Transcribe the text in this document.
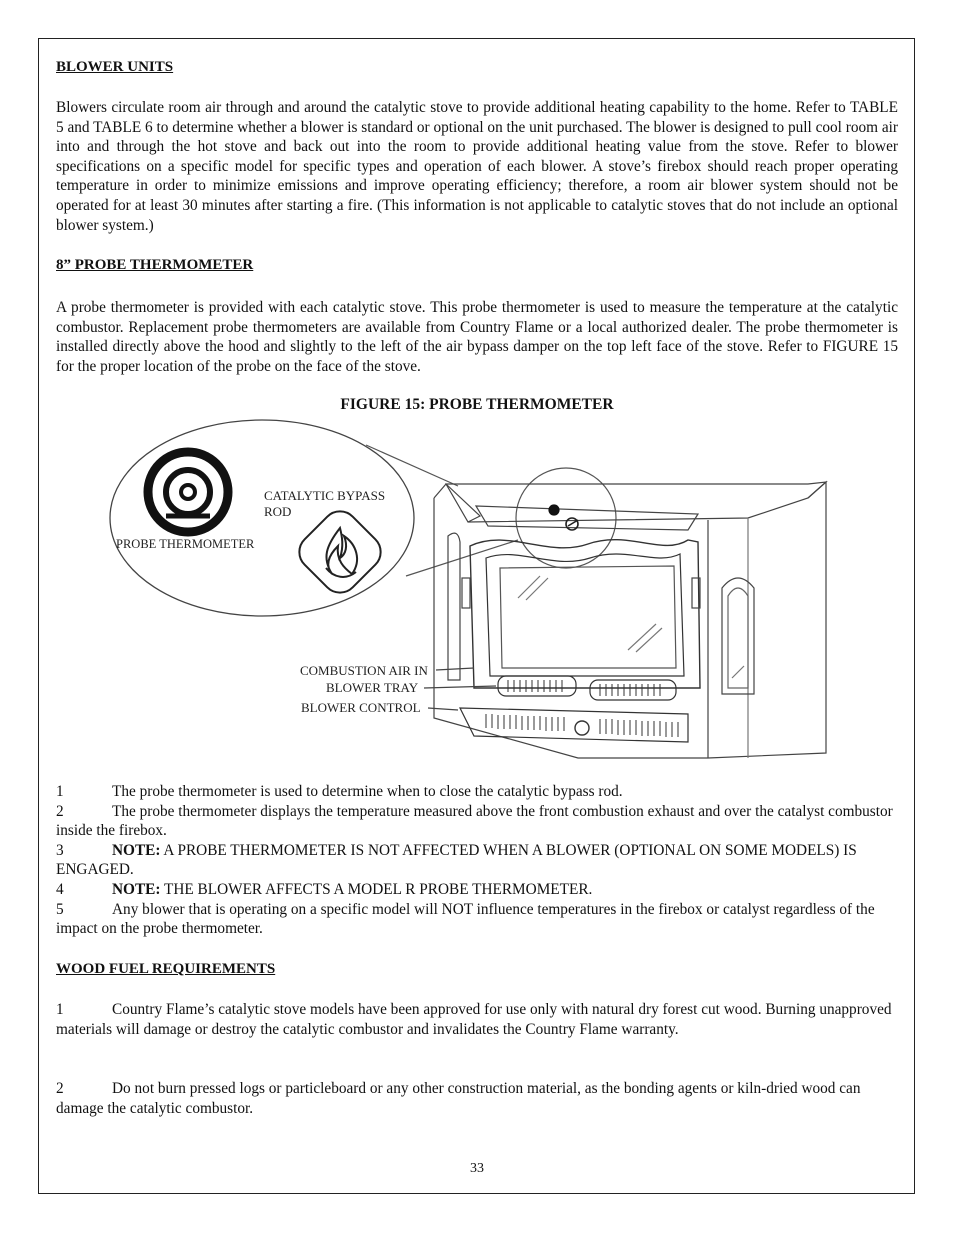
BLOWER UNITS
Blowers circulate room air through and around the catalytic stove to provide additional heating capability to the home. Refer to TABLE 5 and TABLE 6 to determine whether a blower is standard or optional on the unit purchased. The blower is designed to pull cool room air into and through the hot stove and back out into the room to provide additional heating value from the stove. Refer to blower specifications on a specific model for specific types and operation of each blower. A stove’s firebox should reach proper operating temperature in order to minimize emissions and improve operating efficiency; therefore, a room air blower system should not be operated for at least 30 minutes after starting a fire. (This information is not applicable to catalytic stoves that do not include an optional blower system.)
8” PROBE THERMOMETER
A probe thermometer is provided with each catalytic stove. This probe thermometer is used to measure the temperature at the catalytic combustor. Replacement probe thermometers are available from Country Flame or a local authorized dealer. The probe thermometer is installed directly above the hood and slightly to the left of the air bypass damper on the top left face of the stove. Refer to FIGURE 15 for the proper location of the probe on the face of the stove.
FIGURE 15: PROBE THERMOMETER
PROBE THERMOMETER
CATALYTIC BYPASS
ROD
COMBUSTION AIR IN
BLOWER TRAY
BLOWER CONTROL

1	The probe thermometer is used to determine when to close the catalytic bypass rod.

2	The probe thermometer displays the temperature measured above the front combustion exhaust and over the catalyst combustor inside the firebox.

3	NOTE: A PROBE THERMOMETER IS NOT AFFECTED WHEN A BLOWER (OPTIONAL ON SOME MODELS) IS ENGAGED.

4	NOTE: THE BLOWER AFFECTS A MODEL R PROBE THERMOMETER.

5	Any blower that is operating on a specific model will NOT influence temperatures in the firebox or catalyst regardless of the impact on the probe thermometer.

WOOD FUEL REQUIREMENTS

1	Country Flame’s catalytic stove models have been approved for use only with natural dry forest cut wood. Burning unapproved materials will damage or destroy the catalytic combustor and invalidates the Country Flame warranty.

2	Do not burn pressed logs or particleboard or any other construction material, as the bonding agents or kiln-dried wood can damage the catalytic combustor.

33
